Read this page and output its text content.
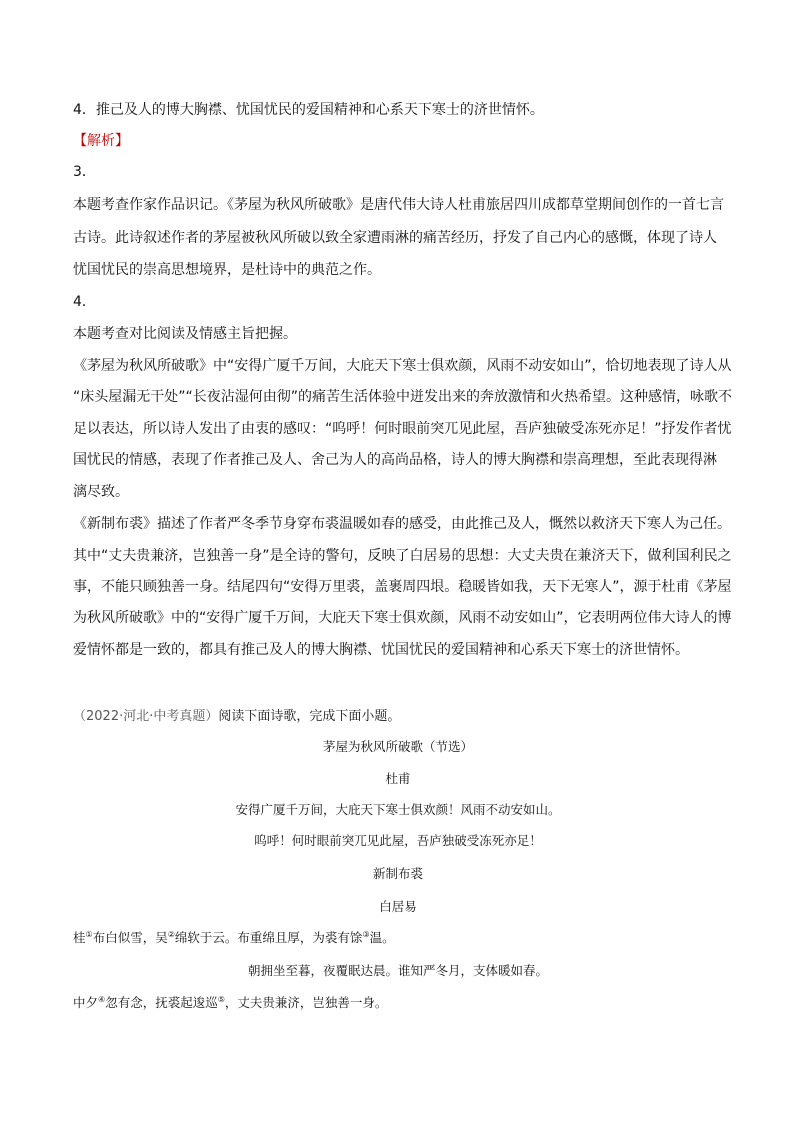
4．推己及人的博大胸襟、忧国忧民的爱国精神和心系天下寒士的济世情怀。

【解析】

3．

本题考查作家作品识记。《茅屋为秋风所破歌》是唐代伟大诗人杜甫旅居四川成都草堂期间创作的一首七言

古诗。此诗叙述作者的茅屋被秋风所破以致全家遭雨淋的痛苦经历，抒发了自己内心的感慨，体现了诗人

忧国忧民的崇高思想境界，是杜诗中的典范之作。

4．

本题考查对比阅读及情感主旨把握。

《茅屋为秋风所破歌》中“安得广厦千万间，大庇天下寒士俱欢颜，风雨不动安如山”，恰切地表现了诗人从

“床头屋漏无干处”“长夜沾湿何由彻”的痛苦生活体验中迸发出来的奔放激情和火热希望。这种感情，咏歌不

足以表达，所以诗人发出了由衷的感叹：“呜呼！何时眼前突兀见此屋，吾庐独破受冻死亦足！”抒发作者忧

国忧民的情感，表现了作者推己及人、舍己为人的高尚品格，诗人的博大胸襟和崇高理想，至此表现得淋

漓尽致。

《新制布裘》描述了作者严冬季节身穿布裘温暖如春的感受，由此推己及人，慨然以救济天下寒人为己任。

其中“丈夫贵兼济，岂独善一身”是全诗的警句，反映了白居易的思想：大丈夫贵在兼济天下，做利国利民之

事，不能只顾独善一身。结尾四句“安得万里裘，盖裹周四垠。稳暖皆如我，天下无寒人”，源于杜甫《茅屋

为秋风所破歌》中的“安得广厦千万间，大庇天下寒士俱欢颜，风雨不动安如山”，它表明两位伟大诗人的博

爱情怀都是一致的，都具有推己及人的博大胸襟、忧国忧民的爱国精神和心系天下寒士的济世情怀。

（2022·河北·中考真题）阅读下面诗歌，完成下面小题。

茅屋为秋风所破歌（节选）
杜甫
安得广厦千万间，大庇天下寒士俱欢颜！风雨不动安如山。
呜呼！何时眼前突兀见此屋，吾庐独破受冻死亦足！
新制布裘
白居易
桂①布白似雪，吴②绵软于云。布重绵且厚，为裘有馀③温。
朝拥坐至暮，夜覆眠达晨。谁知严冬月，支体暖如春。
中夕④忽有念，抚裘起逡巡⑤，丈夫贵兼济，岂独善一身。
